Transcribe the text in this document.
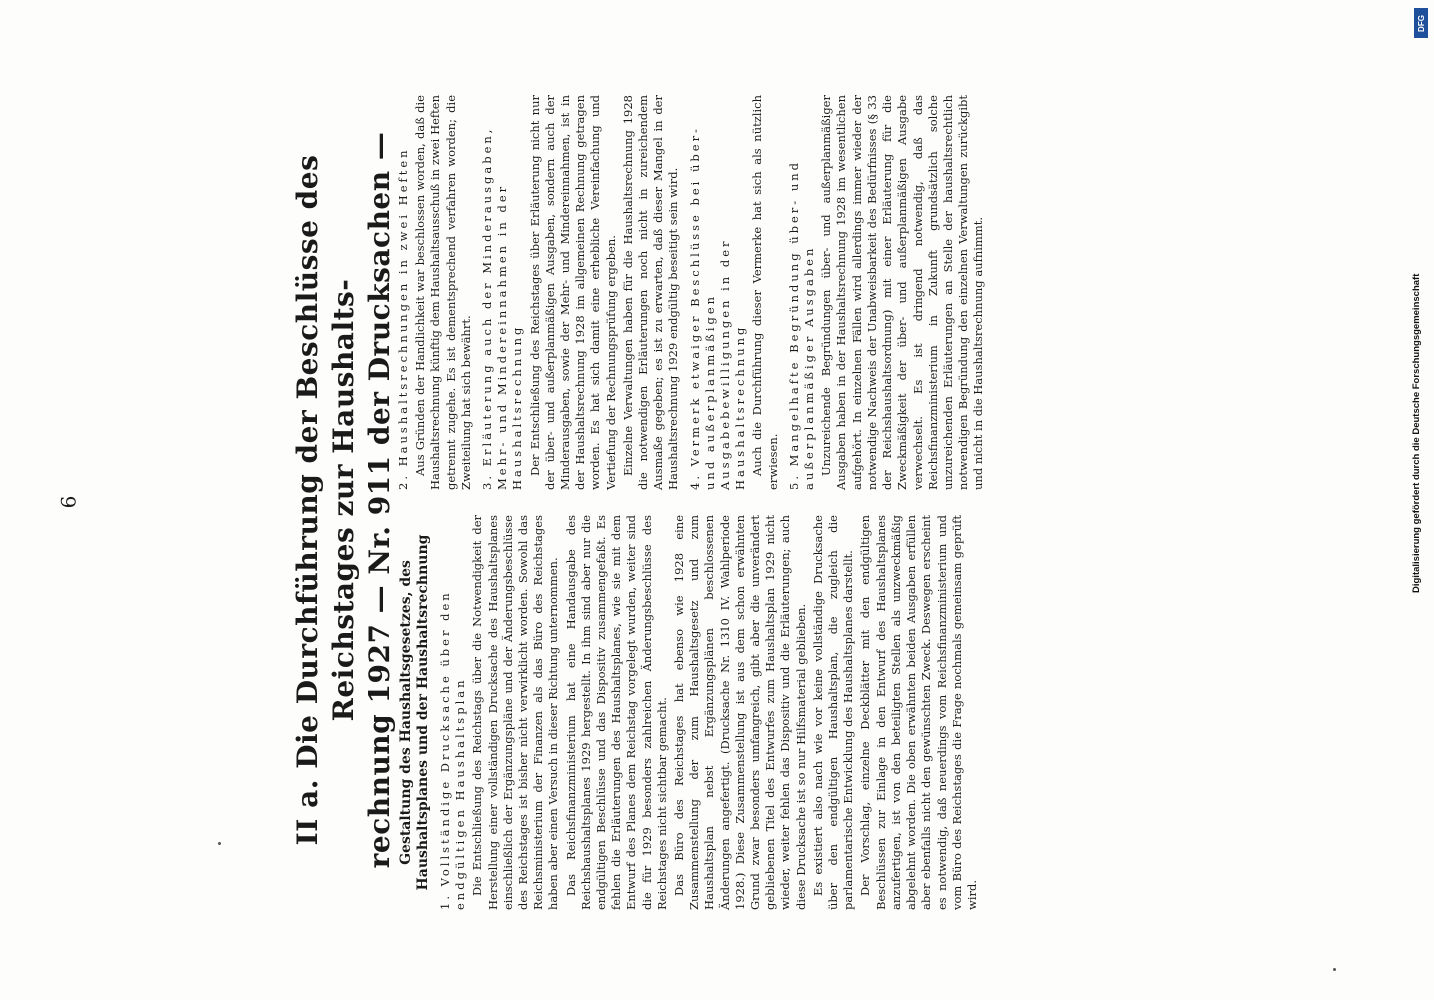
6	II a. Die Durchführung der Beschlüsse des Reichstages zur Haushalts- rechnung 1927 — Nr. 911 der Drucksachen — Gestaltung des Haushaltsgesetzes, des Haushaltsplanes und der Haushaltsrechnung 1. Vollständige Drucksache über den endgültigen Haushaltsplan Die Entschließung des Reichstags über die Notwendigkeit der Herstellung einer vollständigen Drucksache des Haushaltsplanes einschließlich der Ergänzungspläne und der Änderungsbeschlüsse des Reichstages ist bisher nicht verwirklicht worden. Sowohl das Reichsministerium der Finanzen als das Büro des Reichstages haben aber einen Versuch in dieser Richtung unternommen. Das Reichsfinanzministerium hat eine Handausgabe des Reichshaushaltsplanes 1929 hergestellt. In ihm sind aber nur die endgültigen Beschlüsse und das Dispositiv zusammengefaßt. Es fehlen die Erläuterungen des Haushaltsplanes, wie sie mit dem Entwurf des Planes dem Reichstag vorgelegt wurden, weiter sind die für 1929 besonders zahlreichen Änderungsbeschlüsse des Reichstages nicht sichtbar gemacht. Das Büro des Reichstages hat ebenso wie 1928 eine Zusammenstellung der zum Haushaltsgesetz und zum Haushaltsplan nebst Ergänzungsplänen beschlossenen Änderungen angefertigt. (Drucksache Nr. 1310 IV. Wahlperiode 1928.) Diese Zusammenstellung ist aus dem schon erwähnten Grund zwar besonders umfangreich, gibt aber die unverändert gebliebenen Titel des Entwurfes zum Haushaltsplan 1929 nicht wieder, weiter fehlen das Dispositiv und die Erläuterungen; auch diese Drucksache ist so nur Hilfsmaterial geblieben. Es existiert also nach wie vor keine vollständige Drucksache über den endgültigen Haushaltsplan, die zugleich die parlamentarische Entwicklung des Haushaltsplanes darstellt. Der Vorschlag, einzelne Deckblätter mit den endgültigen Beschlüssen zur Einlage in den Entwurf des Haushaltsplanes anzufertigen, ist von den beteiligten Stellen als unzweckmäßig abgelehnt worden. Die oben erwähnten beiden Ausgaben erfüllen aber ebenfalls nicht den gewünschten Zweck. Deswegen erscheint es notwendig, daß neuerdings vom Reichsfinanzministerium und vom Büro des Reichstages die Frage nochmals gemeinsam geprüft wird.

2. Haushaltsrechnungen in zwei Heften Aus Gründen der Handlichkeit war beschlossen worden, daß die Haushaltsrechnung künftig dem Haushaltsausschuß in zwei Heften getrennt zugehe. Es ist dementsprechend verfahren worden; die Zweiteilung hat sich bewährt. 3. Erläuterung auch der Minderausgaben, Mehr- und Mindereinnahmen in der Haushaltsrechnung Der Entschließung des Reichstages über Erläuterung nicht nur der über- und außerplanmäßigen Ausgaben, sondern auch der Minderausgaben, sowie der Mehr- und Mindereinnahmen, ist in der Haushaltsrechnung 1928 im allgemeinen Rechnung getragen worden. Es hat sich damit eine erhebliche Vereinfachung und Vertiefung der Rechnungsprüfung ergeben. Einzelne Verwaltungen haben für die Haushaltsrechnung 1928 die notwendigen Erläuterungen noch nicht in zureichendem Ausmaße gegeben; es ist zu erwarten, daß dieser Mangel in der Haushaltsrechnung 1929 endgültig beseitigt sein wird. 4. Vermerk etwaiger Beschlüsse bei über- und außerplanmäßigen Ausgabebewilligungen in der Haushaltsrechnung Auch die Durchführung dieser Vermerke hat sich als nützlich erwiesen. 5. Mangelhafte Begründung über- und außerplanmäßiger Ausgaben Unzureichende Begründungen über- und außerplanmäßiger Ausgaben haben in der Haushaltsrechnung 1928 im wesentlichen aufgehört. In einzelnen Fällen wird allerdings immer wieder der notwendige Nachweis der Unabweisbarkeit des Bedürfnisses (§ 33 der Reichshaushaltsordnung) mit einer Erläuterung für die Zweckmäßigkeit der über- und außerplanmäßigen Ausgabe verwechselt. Es ist dringend notwendig, daß das Reichsfinanzministerium in Zukunft grundsätzlich solche unzureichenden Erläuterungen an Stelle der haushaltsrechtlich notwendigen Begründung den einzelnen Verwaltungen zurückgibt und nicht in die Haushaltsrechnung aufnimmt.

DFG
Digitalisierung gefördert durch die Deutsche Forschungsgemeinschaft
